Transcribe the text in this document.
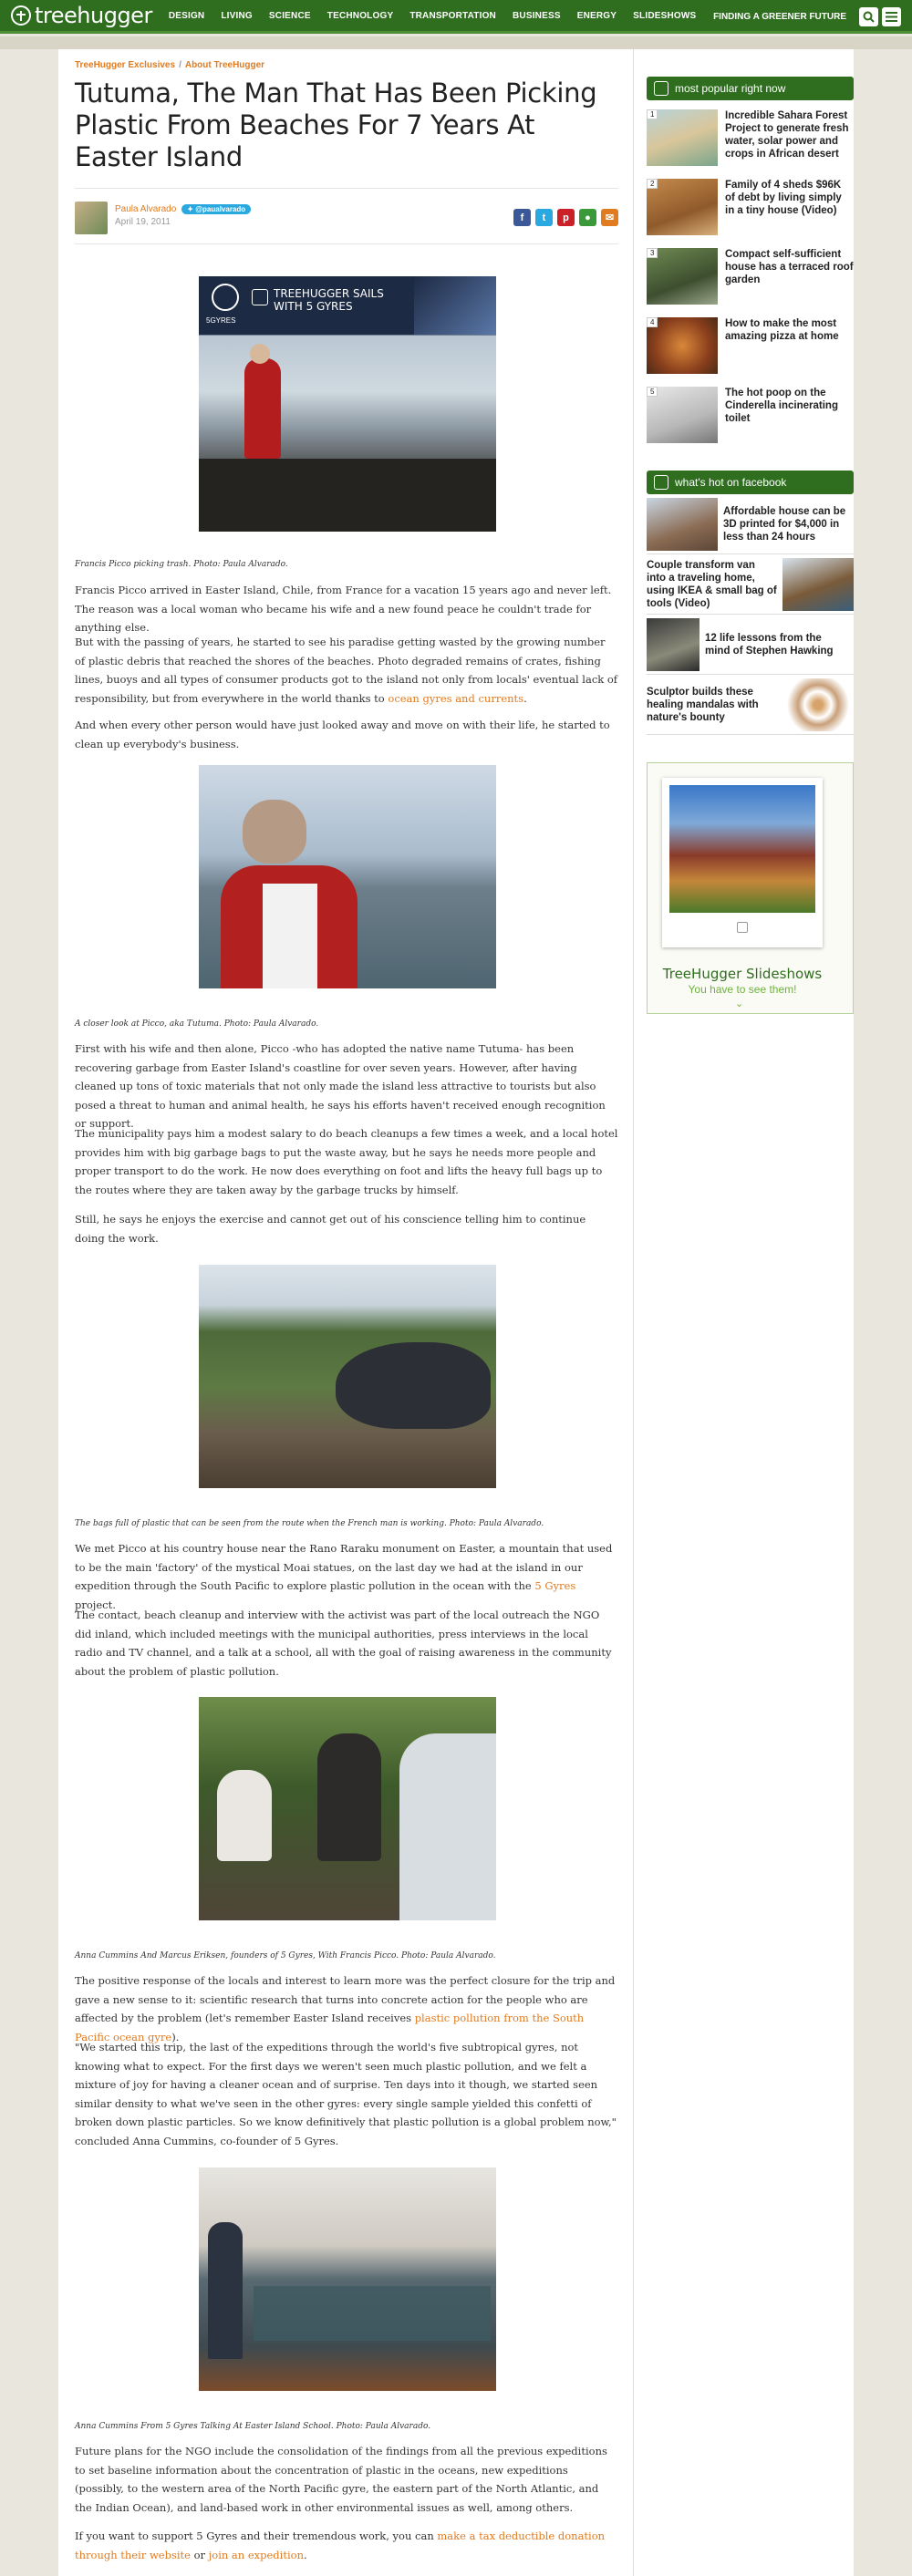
treehugger DESIGN LIVING SCIENCE TECHNOLOGY TRANSPORTATION BUSINESS ENERGY SLIDESHOWS FINDING A GREENER FUTURE
TreeHugger Exclusives / About TreeHugger
Tutuma, The Man That Has Been Picking Plastic From Beaches For 7 Years At Easter Island
Paula Alvarado ✦ @paualvarado
April 19, 2011	f t p ● ✉
5GYRES
TREEHUGGER SAILS
WITH 5 GYRES
Francis Picco picking trash. Photo: Paula Alvarado.
Francis Picco arrived in Easter Island, Chile, from France for a vacation 15 years ago and never left. The reason was a local woman who became his wife and a new found peace he couldn't trade for anything else.
But with the passing of years, he started to see his paradise getting wasted by the growing number of plastic debris that reached the shores of the beaches. Photo degraded remains of crates, fishing lines, buoys and all types of consumer products got to the island not only from locals' eventual lack of responsibility, but from everywhere in the world thanks to ocean gyres and currents.
And when every other person would have just looked away and move on with their life, he started to clean up everybody's business.
A closer look at Picco, aka Tutuma. Photo: Paula Alvarado.
First with his wife and then alone, Picco -who has adopted the native name Tutuma- has been recovering garbage from Easter Island's coastline for over seven years. However, after having cleaned up tons of toxic materials that not only made the island less attractive to tourists but also posed a threat to human and animal health, he says his efforts haven't received enough recognition or support.
The municipality pays him a modest salary to do beach cleanups a few times a week, and a local hotel provides him with big garbage bags to put the waste away, but he says he needs more people and proper transport to do the work. He now does everything on foot and lifts the heavy full bags up to the routes where they are taken away by the garbage trucks by himself.
Still, he says he enjoys the exercise and cannot get out of his conscience telling him to continue doing the work.
The bags full of plastic that can be seen from the route when the French man is working. Photo: Paula Alvarado.
We met Picco at his country house near the Rano Raraku monument on Easter, a mountain that used to be the main 'factory' of the mystical Moai statues, on the last day we had at the island in our expedition through the South Pacific to explore plastic pollution in the ocean with the 5 Gyres project.
The contact, beach cleanup and interview with the activist was part of the local outreach the NGO did inland, which included meetings with the municipal authorities, press interviews in the local radio and TV channel, and a talk at a school, all with the goal of raising awareness in the community about the problem of plastic pollution.
Anna Cummins And Marcus Eriksen, founders of 5 Gyres, With Francis Picco. Photo: Paula Alvarado.
The positive response of the locals and interest to learn more was the perfect closure for the trip and gave a new sense to it: scientific research that turns into concrete action for the people who are affected by the problem (let's remember Easter Island receives plastic pollution from the South Pacific ocean gyre).
"We started this trip, the last of the expeditions through the world's five subtropical gyres, not knowing what to expect. For the first days we weren't seen much plastic pollution, and we felt a mixture of joy for having a cleaner ocean and of surprise. Ten days into it though, we started seen similar density to what we've seen in the other gyres: every single sample yielded this confetti of broken down plastic particles. So we know definitively that plastic pollution is a global problem now," concluded Anna Cummins, co-founder of 5 Gyres.
Anna Cummins From 5 Gyres Talking At Easter Island School. Photo: Paula Alvarado.
Future plans for the NGO include the consolidation of the findings from all the previous expeditions to set baseline information about the concentration of plastic in the oceans, new expeditions (possibly, to the western area of the North Pacific gyre, the eastern part of the North Atlantic, and the Indian Ocean), and land-based work in other environmental issues as well, among others.
If you want to support 5 Gyres and their tremendous work, you can make a tax deductible donation through their website or join an expedition.
most popular right now
1	Incredible Sahara Forest Project to generate fresh water, solar power and crops in African desert
2	Family of 4 sheds $96K of debt by living simply in a tiny house (Video)
3	Compact self-sufficient house has a terraced roof garden
4	How to make the most amazing pizza at home
5	The hot poop on the Cinderella incinerating toilet
what's hot on facebook
Affordable house can be 3D printed for $4,000 in less than 24 hours
Couple transform van into a traveling home, using IKEA & small bag of tools (Video)
12 life lessons from the mind of Stephen Hawking
Sculptor builds these healing mandalas with nature's bounty
TreeHugger Slideshows
You have to see them!
⌄
